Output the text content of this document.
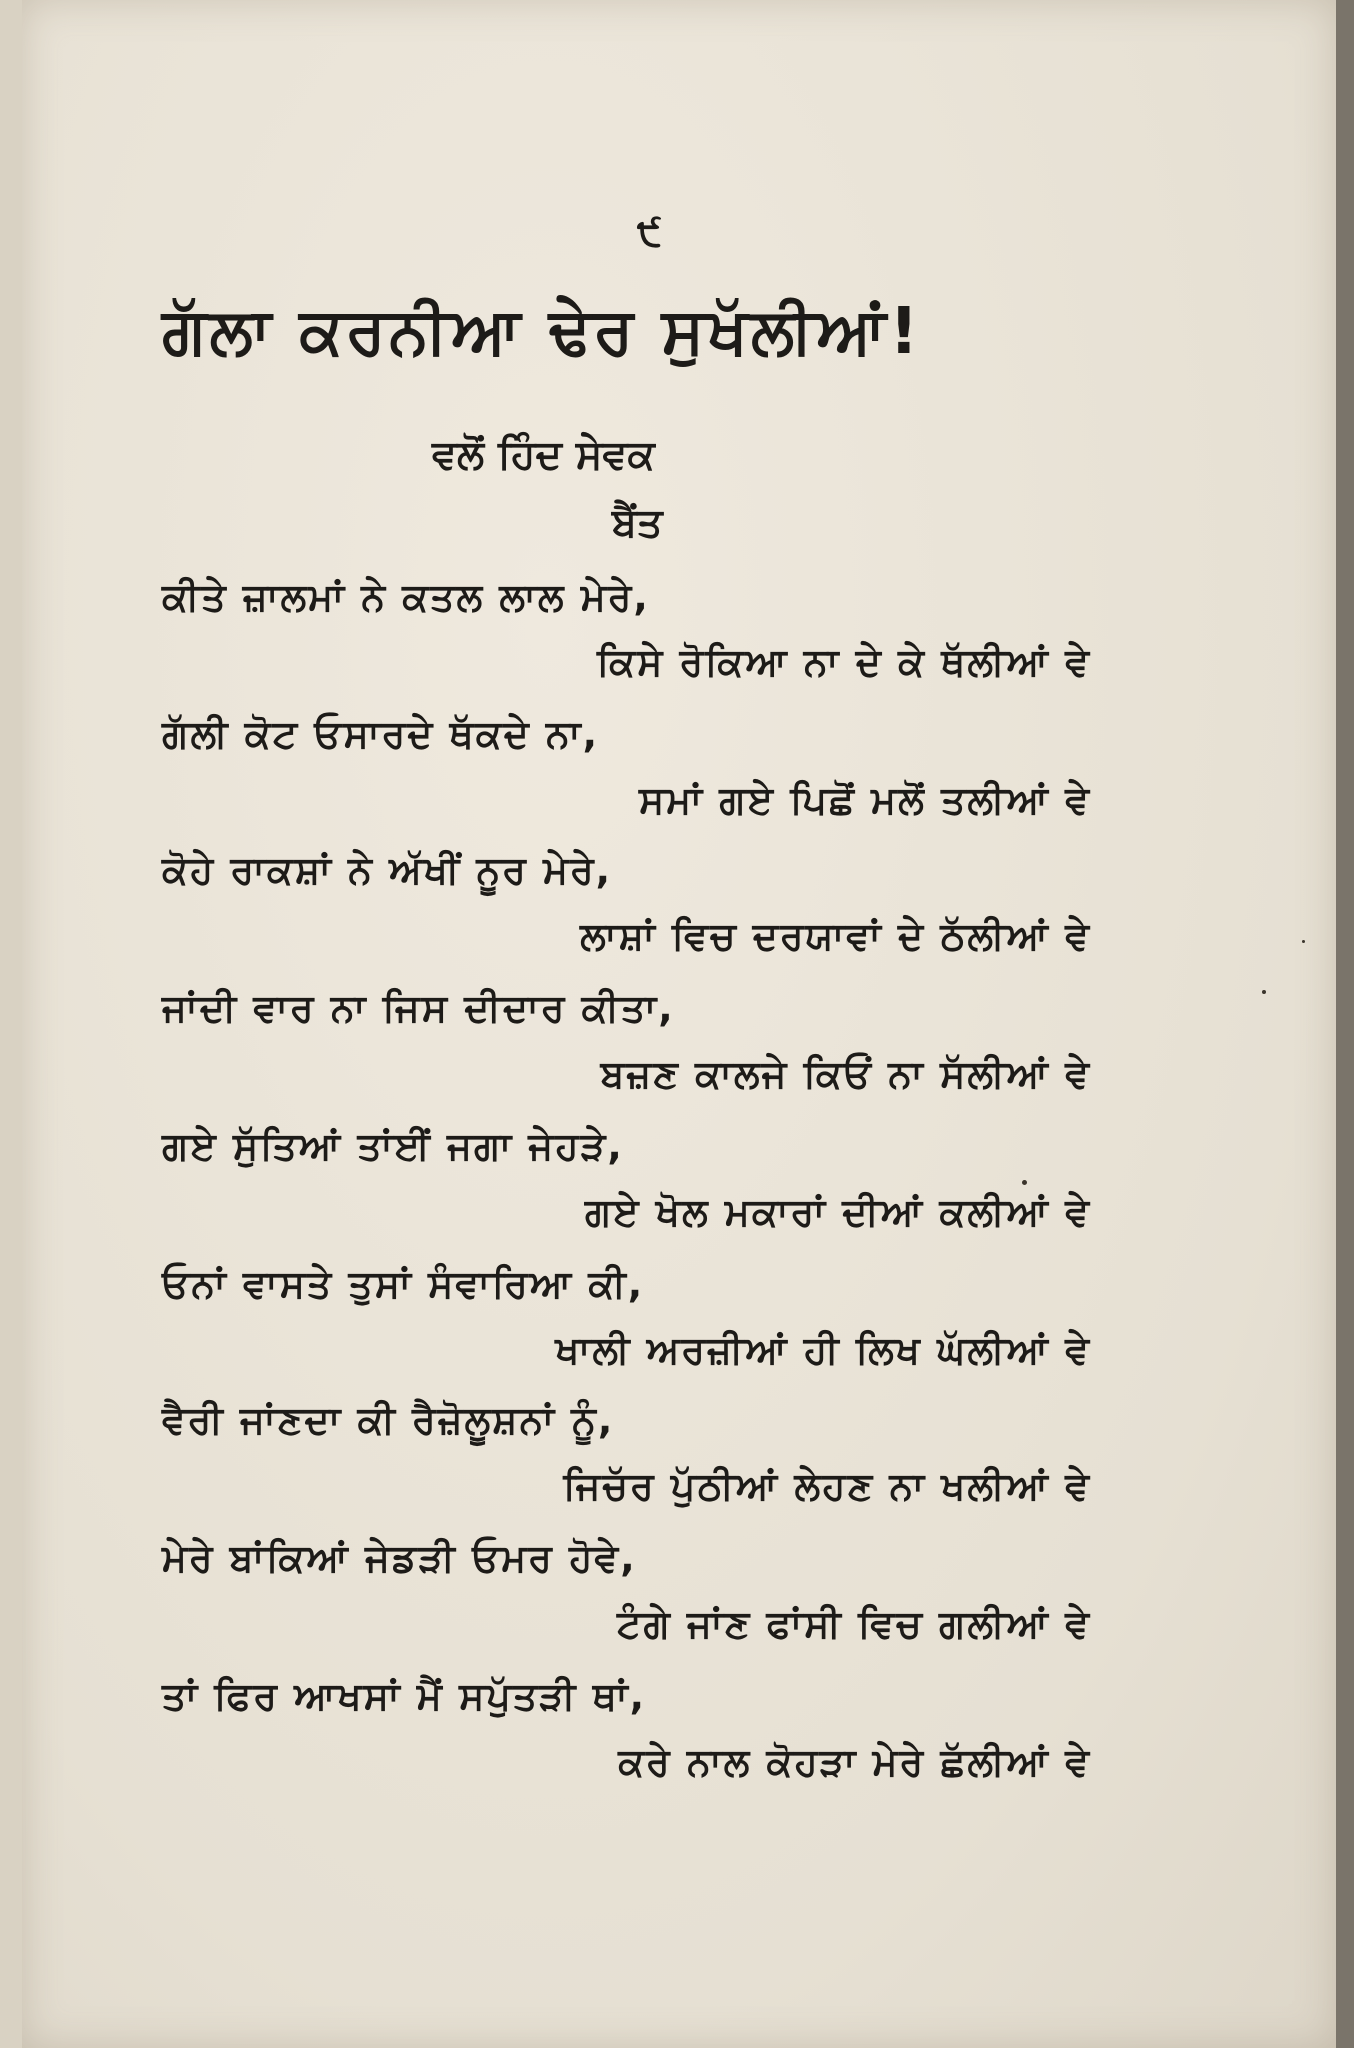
੯
ਗੱਲਾ ਕਰਨੀਆ ਢੇਰ ਸੁਖੱਲੀਆਂ!
ਵਲੋਂ ਹਿੰਦ ਸੇਵਕ
ਬੈਂਤ
ਕੀਤੇ ਜ਼ਾਲਮਾਂ ਨੇ ਕਤਲ ਲਾਲ ਮੇਰੇ,
ਕਿਸੇ ਰੋਕਿਆ ਨਾ ਦੇ ਕੇ ਥੱਲੀਆਂ ਵੇ
ਗੱਲੀ ਕੋਟ ਓਸਾਰਦੇ ਥੱਕਦੇ ਨਾ,
ਸਮਾਂ ਗਏ ਪਿਛੋਂ ਮਲੋਂ ਤਲੀਆਂ ਵੇ
ਕੋਹੇ ਰਾਕਸ਼ਾਂ ਨੇ ਅੱਖੀਂ ਨੂਰ ਮੇਰੇ,
ਲਾਸ਼ਾਂ ਵਿਚ ਦਰਯਾਵਾਂ ਦੇ ਠੱਲੀਆਂ ਵੇ
ਜਾਂਦੀ ਵਾਰ ਨਾ ਜਿਸ ਦੀਦਾਰ ਕੀਤਾ,
ਬਜ਼ਣ ਕਾਲਜੇ ਕਿਓਂ ਨਾ ਸੱਲੀਆਂ ਵੇ
ਗਏ ਸੁੱਤਿਆਂ ਤਾਂਈਂ ਜਗਾ ਜੇਹੜੇ,
ਗਏ ਖੋਲ ਮਕਾਰਾਂ ਦੀਆਂ ਕਲੀਆਂ ਵੇ
ਓਨਾਂ ਵਾਸਤੇ ਤੁਸਾਂ ਸੰਵਾਰਿਆ ਕੀ,
ਖਾਲੀ ਅਰਜ਼ੀਆਂ ਹੀ ਲਿਖ ਘੱਲੀਆਂ ਵੇ
ਵੈਰੀ ਜਾਂਣਦਾ ਕੀ ਰੈਜ਼ੋਲੂਸ਼ਨਾਂ ਨੂੰ,
ਜਿਚੱਰ ਪੁੱਠੀਆਂ ਲੇਹਣ ਨਾ ਖਲੀਆਂ ਵੇ
ਮੇਰੇ ਬਾਂਕਿਆਂ ਜੇਡੜੀ ਓਮਰ ਹੋਵੇ,
ਟੰਗੇ ਜਾਂਣ ਫਾਂਸੀ ਵਿਚ ਗਲੀਆਂ ਵੇ
ਤਾਂ ਫਿਰ ਆਖਸਾਂ ਮੈਂ ਸਪੁੱਤੜੀ ਥਾਂ,
ਕਰੇ ਨਾਲ ਕੋਹੜਾ ਮੇਰੇ ਛੱਲੀਆਂ ਵੇ
